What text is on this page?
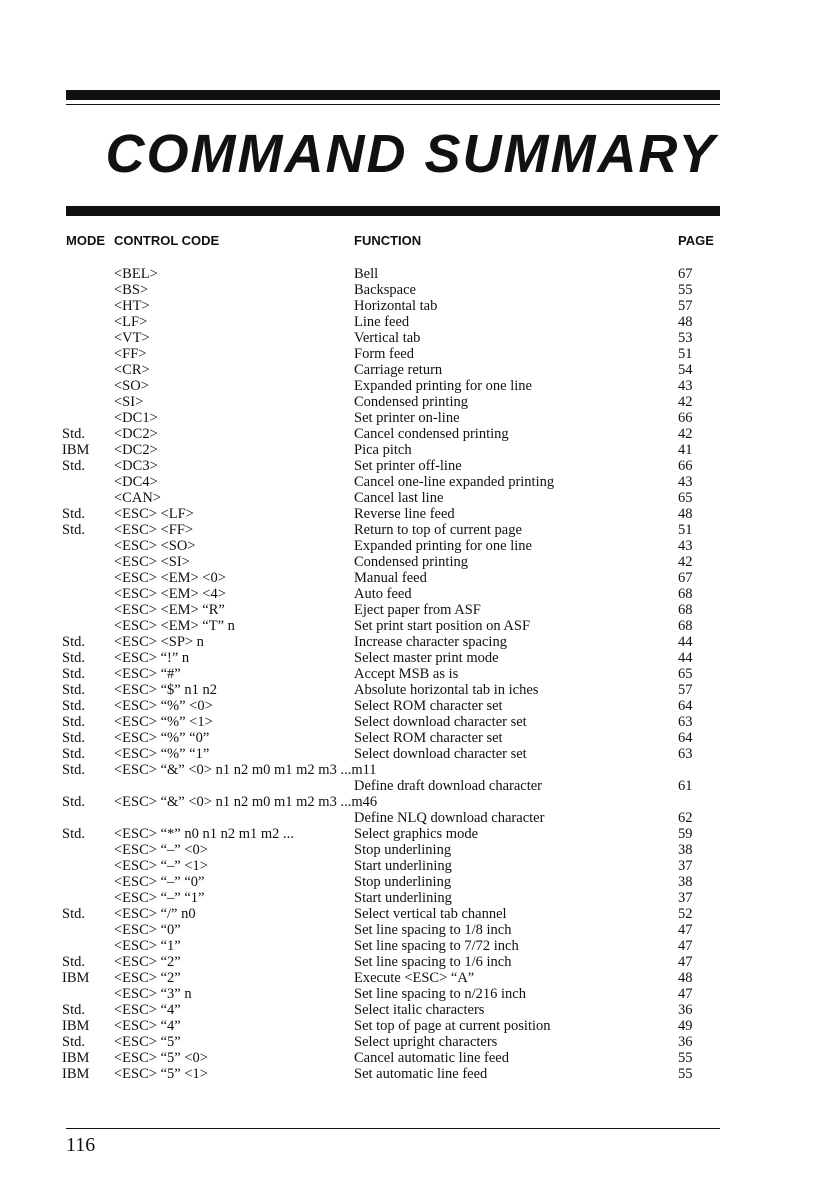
COMMAND SUMMARY
MODE CONTROL CODE	FUNCTION	PAGE
<BEL>	Bell	67
<BS>	Backspace	55
<HT>	Horizontal tab	57
<LF>	Line feed	48
<VT>	Vertical tab	53
<FF>	Form feed	51
<CR>	Carriage return	54
<SO>	Expanded printing for one line	43
<SI>	Condensed printing	42
<DC1>	Set printer on-line	66
Std. <DC2>	Cancel condensed printing	42
IBM <DC2>	Pica pitch	41
Std. <DC3>	Set printer off-line	66
<DC4>	Cancel one-line expanded printing	43
<CAN>	Cancel last line	65
Std. <ESC> <LF>	Reverse line feed	48
Std. <ESC> <FF>	Return to top of current page	51
<ESC> <SO>	Expanded printing for one line	43
<ESC> <SI>	Condensed printing	42
<ESC> <EM> <0>	Manual feed	67
<ESC> <EM> <4>	Auto feed	68
<ESC> <EM> “R”	Eject paper from ASF	68
<ESC> <EM> “T” n	Set print start position on ASF	68
Std. <ESC> <SP> n	Increase character spacing	44
Std. <ESC> “!” n	Select master print mode	44
Std. <ESC> “#”	Accept MSB as is	65
Std. <ESC> “$” n1 n2	Absolute horizontal tab in iches	57
Std. <ESC> “%” <0>	Select ROM character set	64
Std. <ESC> “%” <1>	Select download character set	63
Std. <ESC> “%” “0”	Select ROM character set	64
Std. <ESC> “%” “1”	Select download character set	63
Std. <ESC> “&” <0> n1 n2 m0 m1 m2 m3 ...m11
Define draft download character	61
Std. <ESC> “&” <0> n1 n2 m0 m1 m2 m3 ...m46
Define NLQ download character	62
Std. <ESC> “*” n0 n1 n2 m1 m2 ...	Select graphics mode	59
<ESC> “–” <0>	Stop underlining	38
<ESC> “–” <1>	Start underlining	37
<ESC> “–” “0”	Stop underlining	38
<ESC> “–” “1”	Start underlining	37
Std. <ESC> “/” n0	Select vertical tab channel	52
<ESC> “0”	Set line spacing to 1/8 inch	47
<ESC> “1”	Set line spacing to 7/72 inch	47
Std. <ESC> “2”	Set line spacing to 1/6 inch	47
IBM <ESC> “2”	Execute <ESC> “A”	48
<ESC> “3” n	Set line spacing to n/216 inch	47
Std. <ESC> “4”	Select italic characters	36
IBM <ESC> “4”	Set top of page at current position	49
Std. <ESC> “5”	Select upright characters	36
IBM <ESC> “5” <0>	Cancel automatic line feed	55
IBM <ESC> “5” <1>	Set automatic line feed	55
116
